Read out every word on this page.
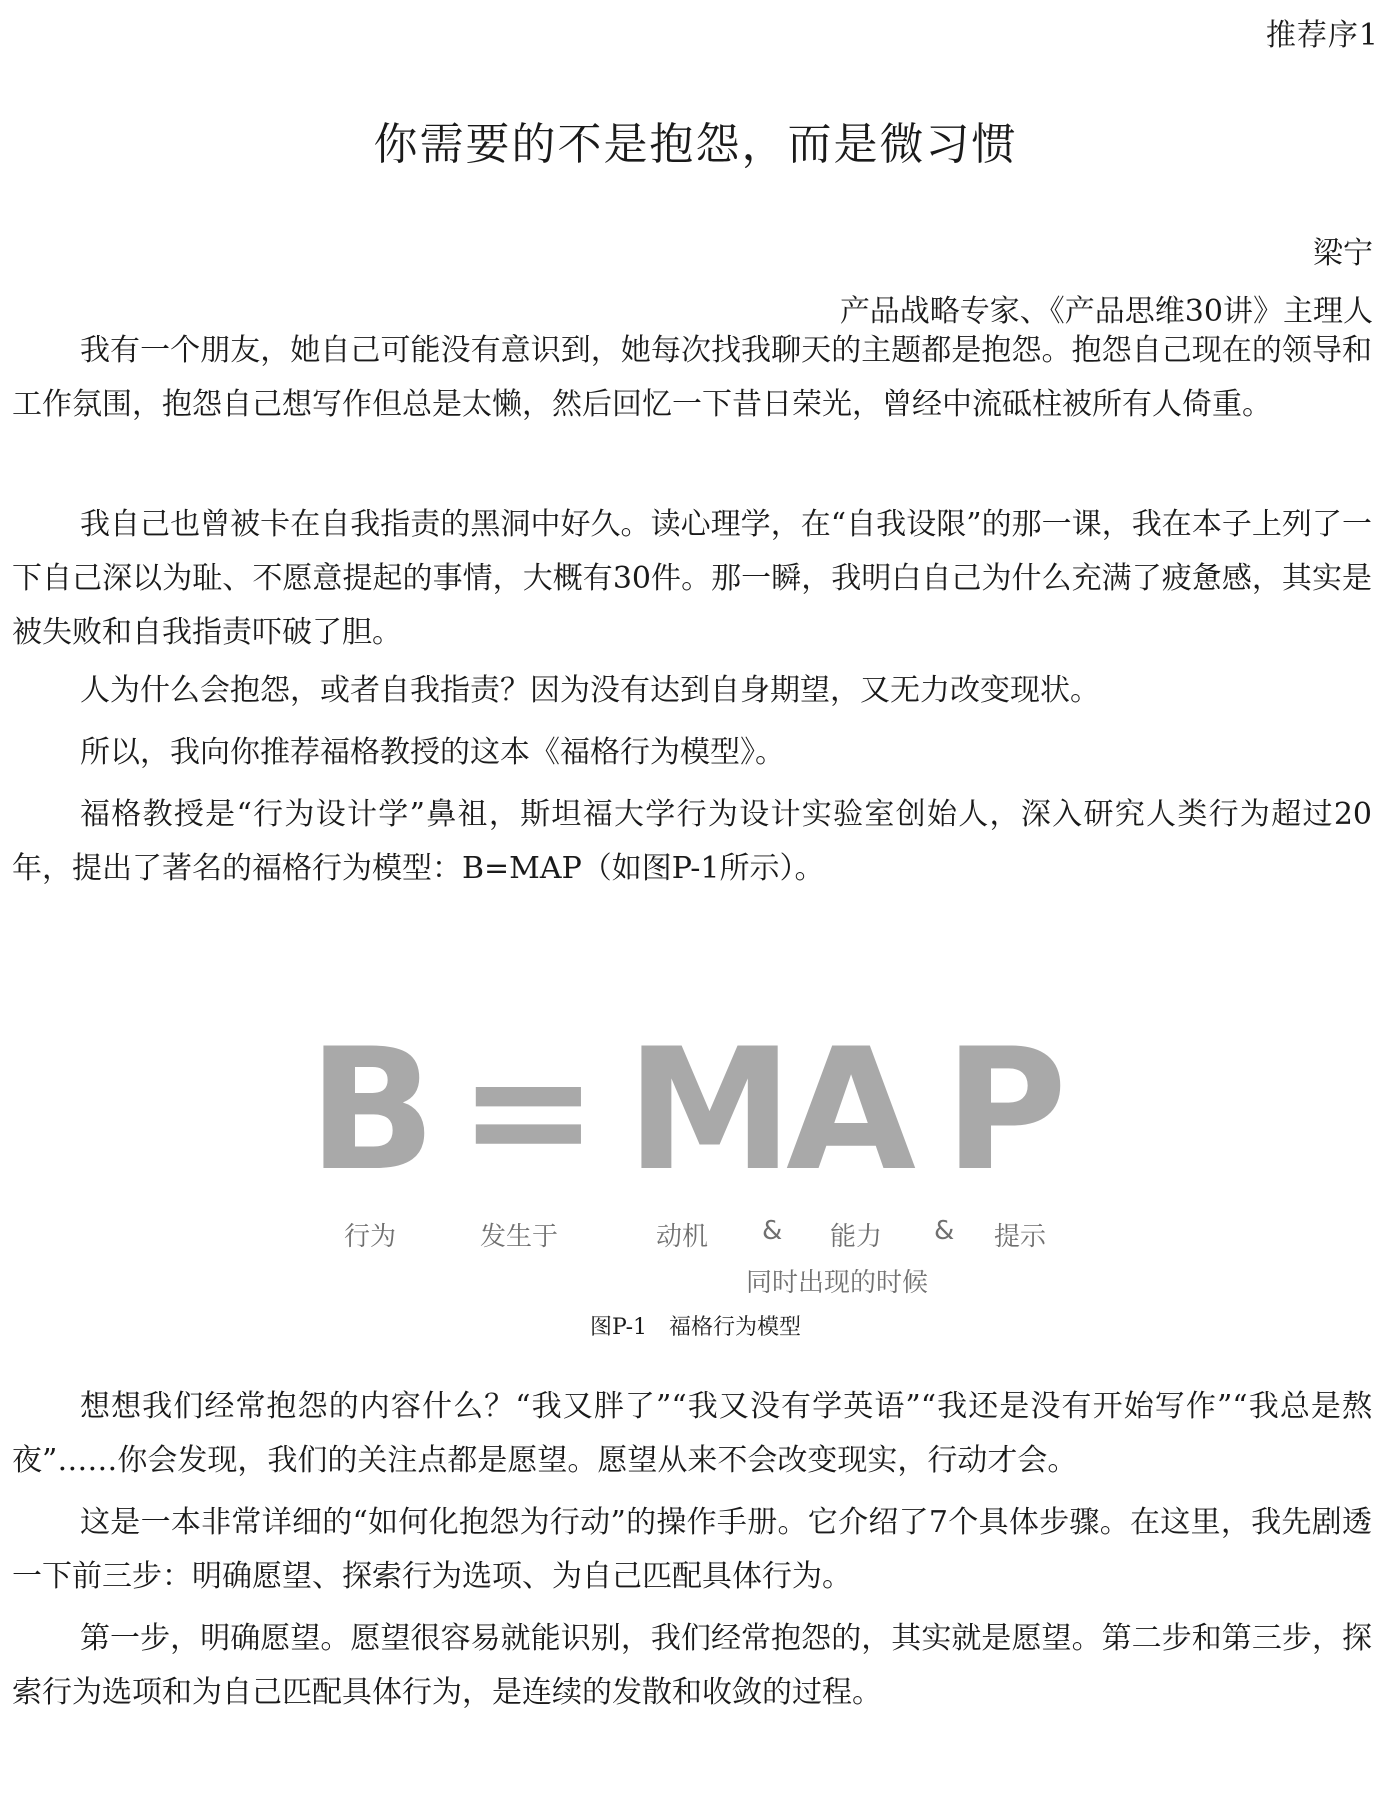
推荐序1
你需要的不是抱怨，而是微习惯
梁宁
产品战略专家、《产品思维30讲》主理人

我有一个朋友，她自己可能没有意识到，她每次找我聊天的主题都是抱怨。抱怨自己现在的领导和工作氛围，抱怨自己想写作但总是太懒，然后回忆一下昔日荣光，曾经中流砥柱被所有人倚重。

我自己也曾被卡在自我指责的黑洞中好久。读心理学，在“自我设限”的那一课，我在本子上列了一下自己深以为耻、不愿意提起的事情，大概有30件。那一瞬，我明白自己为什么充满了疲惫感，其实是被失败和自我指责吓破了胆。

人为什么会抱怨，或者自我指责？因为没有达到自身期望，又无力改变现状。

所以，我向你推荐福格教授的这本《福格行为模型》。

福格教授是“行为设计学”鼻祖，斯坦福大学行为设计实验室创始人，深入研究人类行为超过20年，提出了著名的福格行为模型：B=MAP（如图P-1所示）。

B = M
A P
行为	发生于	动机 & 能力 & 提示
同时出现的时候
图P-1 福格行为模型

想想我们经常抱怨的内容什么？“我又胖了”“我又没有学英语”“我还是没有开始写作”“我总是熬夜”……你会发现，我们的关注点都是愿望。愿望从来不会改变现实，行动才会。

这是一本非常详细的“如何化抱怨为行动”的操作手册。它介绍了7个具体步骤。在这里，我先剧透一下前三步：明确愿望、探索行为选项、为自己匹配具体行为。

第一步，明确愿望。愿望很容易就能识别，我们经常抱怨的，其实就是愿望。第二步和第三步，探索行为选项和为自己匹配具体行为，是连续的发散和收敛的过程。
